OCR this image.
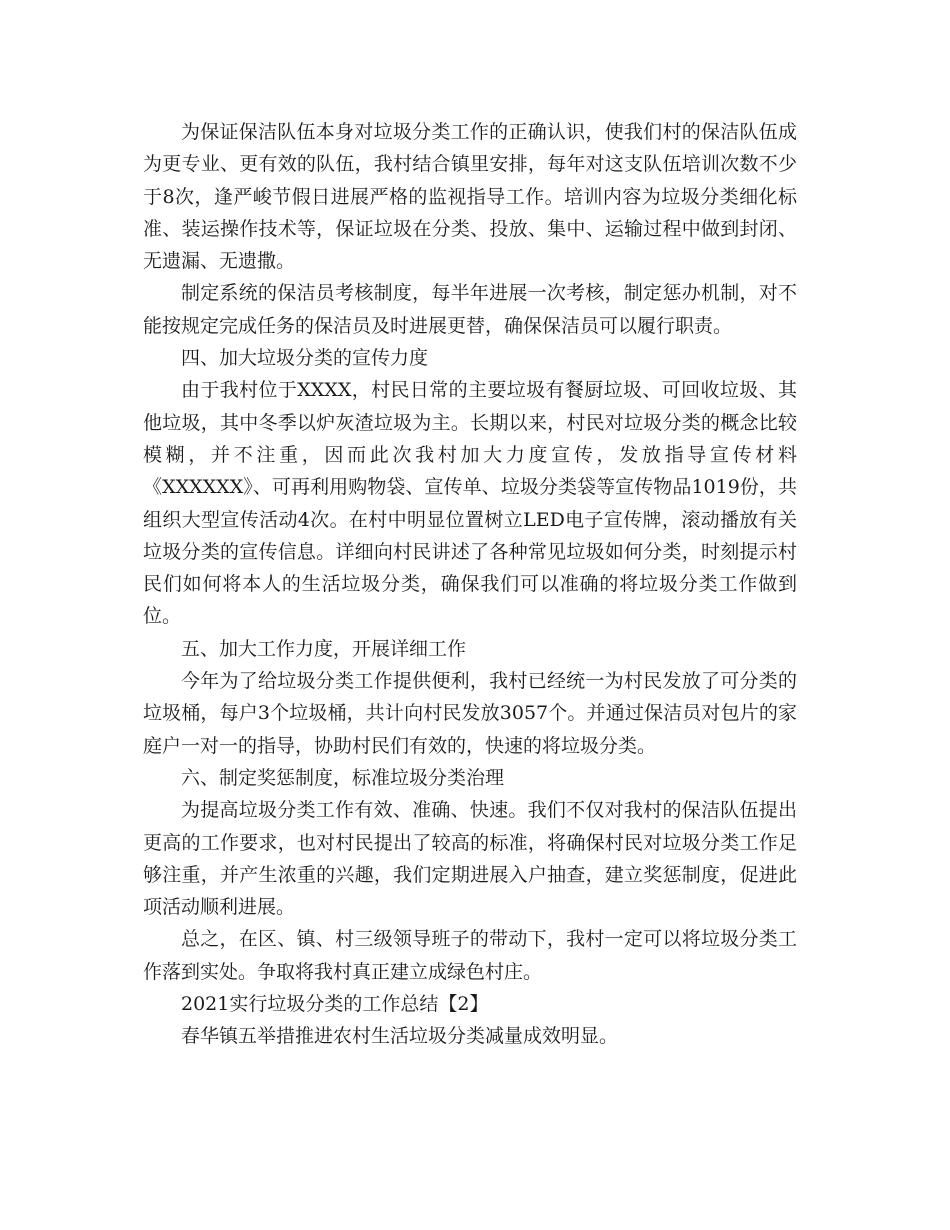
为保证保洁队伍本身对垃圾分类工作的正确认识，使我们村的保洁队伍成为更专业、更有效的队伍，我村结合镇里安排，每年对这支队伍培训次数不少于8次，逢严峻节假日进展严格的监视指导工作。培训内容为垃圾分类细化标准、装运操作技术等，保证垃圾在分类、投放、集中、运输过程中做到封闭、无遗漏、无遗撒。

制定系统的保洁员考核制度，每半年进展一次考核，制定惩办机制，对不能按规定完成任务的保洁员及时进展更替，确保保洁员可以履行职责。

四、加大垃圾分类的宣传力度

由于我村位于XXXX，村民日常的主要垃圾有餐厨垃圾、可回收垃圾、其他垃圾，其中冬季以炉灰渣垃圾为主。长期以来，村民对垃圾分类的概念比较模糊，并不注重，因而此次我村加大力度宣传，发放指导宣传材料《XXXXXX》、可再利用购物袋、宣传单、垃圾分类袋等宣传物品1019份，共组织大型宣传活动4次。在村中明显位置树立LED电子宣传牌，滚动播放有关垃圾分类的宣传信息。详细向村民讲述了各种常见垃圾如何分类，时刻提示村民们如何将本人的生活垃圾分类，确保我们可以准确的将垃圾分类工作做到位。

五、加大工作力度，开展详细工作

今年为了给垃圾分类工作提供便利，我村已经统一为村民发放了可分类的垃圾桶，每户3个垃圾桶，共计向村民发放3057个。并通过保洁员对包片的家庭户一对一的指导，协助村民们有效的，快速的将垃圾分类。

六、制定奖惩制度，标准垃圾分类治理

为提高垃圾分类工作有效、准确、快速。我们不仅对我村的保洁队伍提出更高的工作要求，也对村民提出了较高的标准，将确保村民对垃圾分类工作足够注重，并产生浓重的兴趣，我们定期进展入户抽查，建立奖惩制度，促进此项活动顺利进展。

总之，在区、镇、村三级领导班子的带动下，我村一定可以将垃圾分类工作落到实处。争取将我村真正建立成绿色村庄。

2021实行垃圾分类的工作总结【2】

春华镇五举措推进农村生活垃圾分类减量成效明显。
